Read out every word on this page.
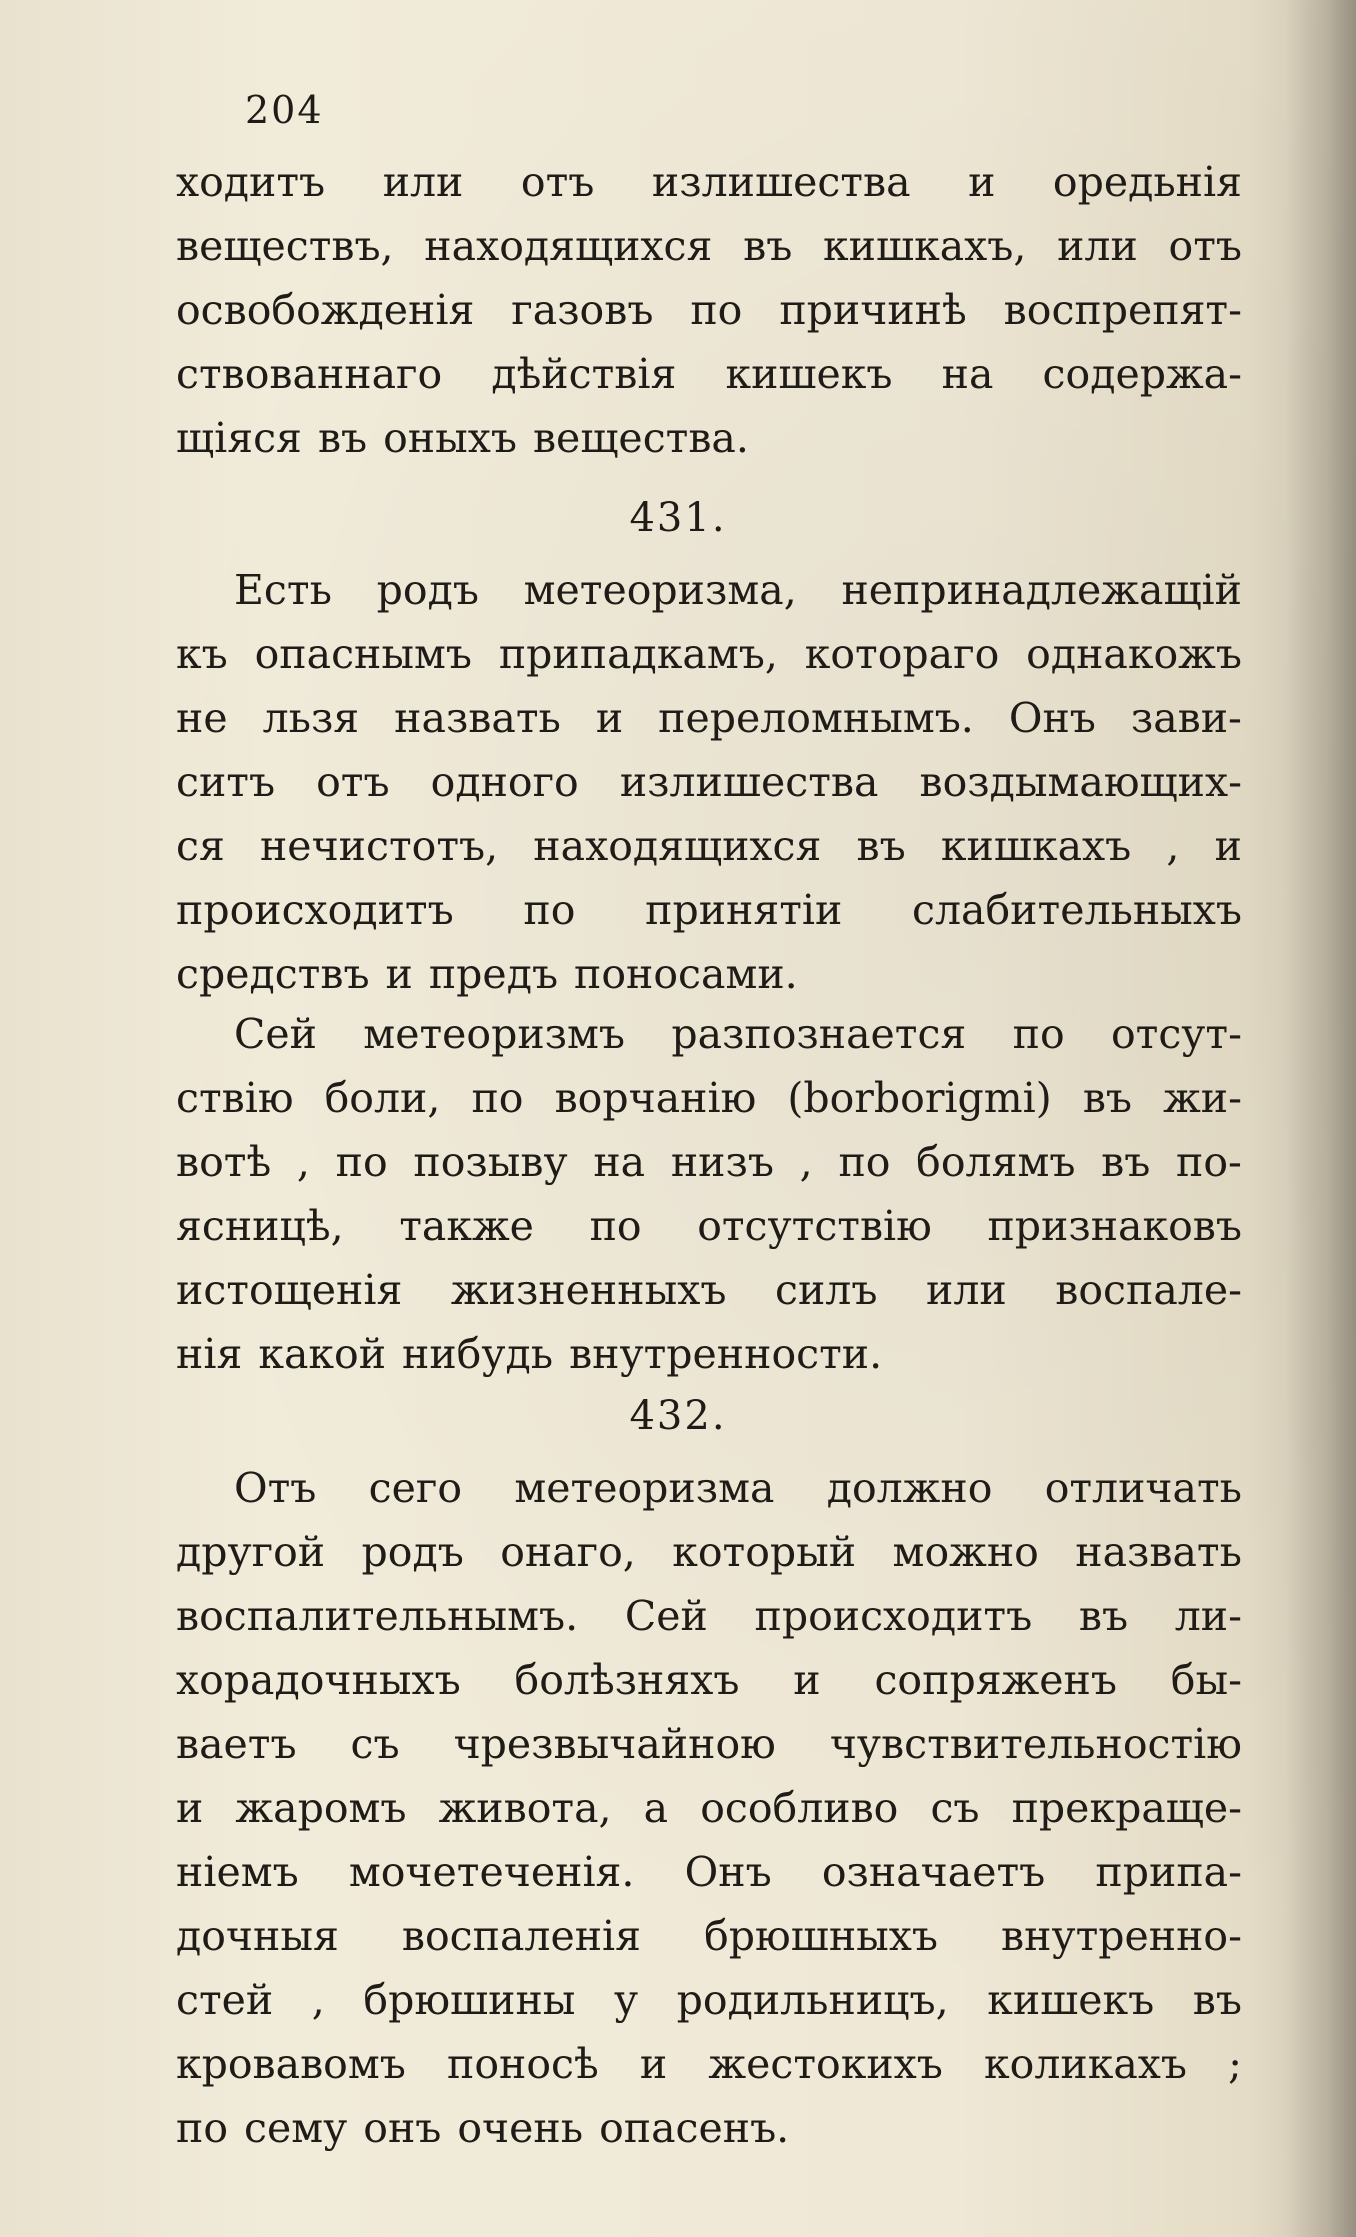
204
ходитъ или отъ излишества и оредьнія
веществъ, находящихся въ кишкахъ, или отъ
освобожденія газовъ по причинѣ воспрепят-
ствованнаго дѣйствія кишекъ на содержа-
щіяся въ оныхъ вещества.
431.
Есть родъ метеоризма, непринадлежащій
къ опаснымъ припадкамъ, котораго однакожъ
не льзя назвать и переломнымъ. Онъ зави-
ситъ отъ одного излишества воздымающих-
ся нечистотъ, находящихся въ кишкахъ , и
происходитъ по принятіи слабительныхъ
средствъ и предъ поносами.
Сей метеоризмъ разпознается по отсут-
ствію боли, по ворчанію (borborigmi) въ жи-
вотѣ , по позыву на низъ , по болямъ въ по-
ясницѣ, также по отсутствію признаковъ
истощенія жизненныхъ силъ или воспале-
нія какой нибудь внутренности.
432.
Отъ сего метеоризма должно отличать
другой родъ онаго, который можно назвать
воспалительнымъ. Сей происходитъ въ ли-
хорадочныхъ болѣзняхъ и сопряженъ бы-
ваетъ съ чрезвычайною чувствительностію
и жаромъ живота, а особливо съ прекраще-
ніемъ мочетеченія. Онъ означаетъ припа-
дочныя воспаленія брюшныхъ внутренно-
стей , брюшины у родильницъ, кишекъ въ
кровавомъ поносѣ и жестокихъ коликахъ ;
по сему онъ очень опасенъ.
